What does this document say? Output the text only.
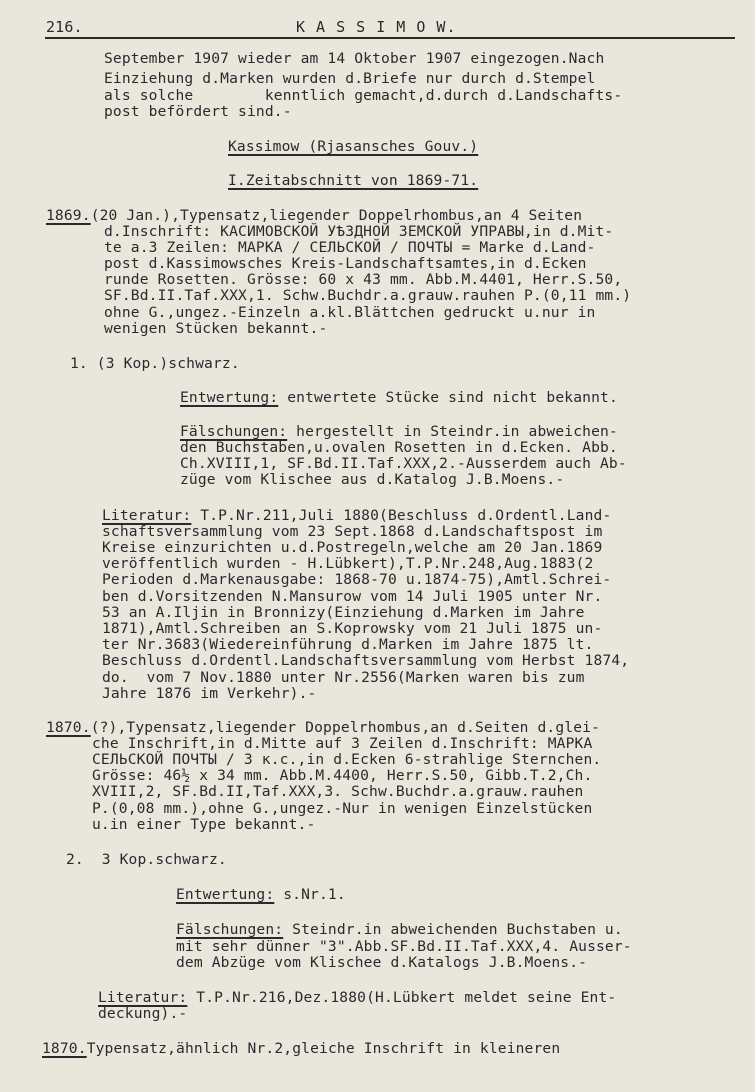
216.	K A S S I M O W.
September 1907 wieder am 14 Oktober 1907 eingezogen.Nach
Einziehung d.Marken wurden d.Briefe nur durch d.Stempel
als solche        kenntlich gemacht,d.durch d.Landschafts-
post befördert sind.-
Kassimow (Rjasansches Gouv.)
I.Zeitabschnitt von 1869-71.
1869.(20 Jan.),Typensatz,liegender Doppelrhombus,an 4 Seiten
d.Inschrift: КАСИМОВСКОЙ УѢЗДНОЙ ЗЕМСКОЙ УПРАВЫ,in d.Mit-
te a.3 Zeilen: МАРКА / СЕЛЬСКОЙ / ПОЧТЫ = Marke d.Land-
post d.Kassimowsches Kreis-Landschaftsamtes,in d.Ecken
runde Rosetten. Grösse: 60 x 43 mm. Abb.M.4401, Herr.S.50,
SF.Bd.II.Taf.XXX,1. Schw.Buchdr.a.grauw.rauhen P.(0,11 mm.)
ohne G.,ungez.-Einzeln a.kl.Blättchen gedruckt u.nur in
wenigen Stücken bekannt.-
1. (3 Kop.)schwarz.
Entwertung: entwertete Stücke sind nicht bekannt.
Fälschungen: hergestellt in Steindr.in abweichen-
den Buchstaben,u.ovalen Rosetten in d.Ecken. Abb.
Ch.XVIII,1, SF.Bd.II.Taf.XXX,2.-Ausserdem auch Ab-
züge vom Klischee aus d.Katalog J.B.Moens.-
Literatur: T.P.Nr.211,Juli 1880(Beschluss d.Ordentl.Land-
schaftsversammlung vom 23 Sept.1868 d.Landschaftspost im
Kreise einzurichten u.d.Postregeln,welche am 20 Jan.1869
veröffentlich wurden - H.Lübkert),T.P.Nr.248,Aug.1883(2
Perioden d.Markenausgabe: 1868-70 u.1874-75),Amtl.Schrei-
ben d.Vorsitzenden N.Mansurow vom 14 Juli 1905 unter Nr.
53 an A.Iljin in Bronnizy(Einziehung d.Marken im Jahre
1871),Amtl.Schreiben an S.Koprowsky vom 21 Juli 1875 un-
ter Nr.3683(Wiedereinführung d.Marken im Jahre 1875 lt.
Beschluss d.Ordentl.Landschaftsversammlung vom Herbst 1874,
do.  vom 7 Nov.1880 unter Nr.2556(Marken waren bis zum
Jahre 1876 im Verkehr).-
1870.(?),Typensatz,liegender Doppelrhombus,an d.Seiten d.glei-
che Inschrift,in d.Mitte auf 3 Zeilen d.Inschrift: МАРКА
СЕЛЬСКОЙ ПОЧТЫ / 3 к.с.,in d.Ecken 6-strahlige Sternchen.
Grösse: 46½ x 34 mm. Abb.M.4400, Herr.S.50, Gibb.T.2,Ch.
XVIII,2, SF.Bd.II,Taf.XXX,3. Schw.Buchdr.a.grauw.rauhen
P.(0,08 mm.),ohne G.,ungez.-Nur in wenigen Einzelstücken
u.in einer Type bekannt.-
2.  3 Kop.schwarz.
Entwertung: s.Nr.1.
Fälschungen: Steindr.in abweichenden Buchstaben u.
mit sehr dünner "3".Abb.SF.Bd.II.Taf.XXX,4. Ausser-
dem Abzüge vom Klischee d.Katalogs J.B.Moens.-
Literatur: T.P.Nr.216,Dez.1880(H.Lübkert meldet seine Ent-
deckung).-
1870.Typensatz,ähnlich Nr.2,gleiche Inschrift in kleineren
